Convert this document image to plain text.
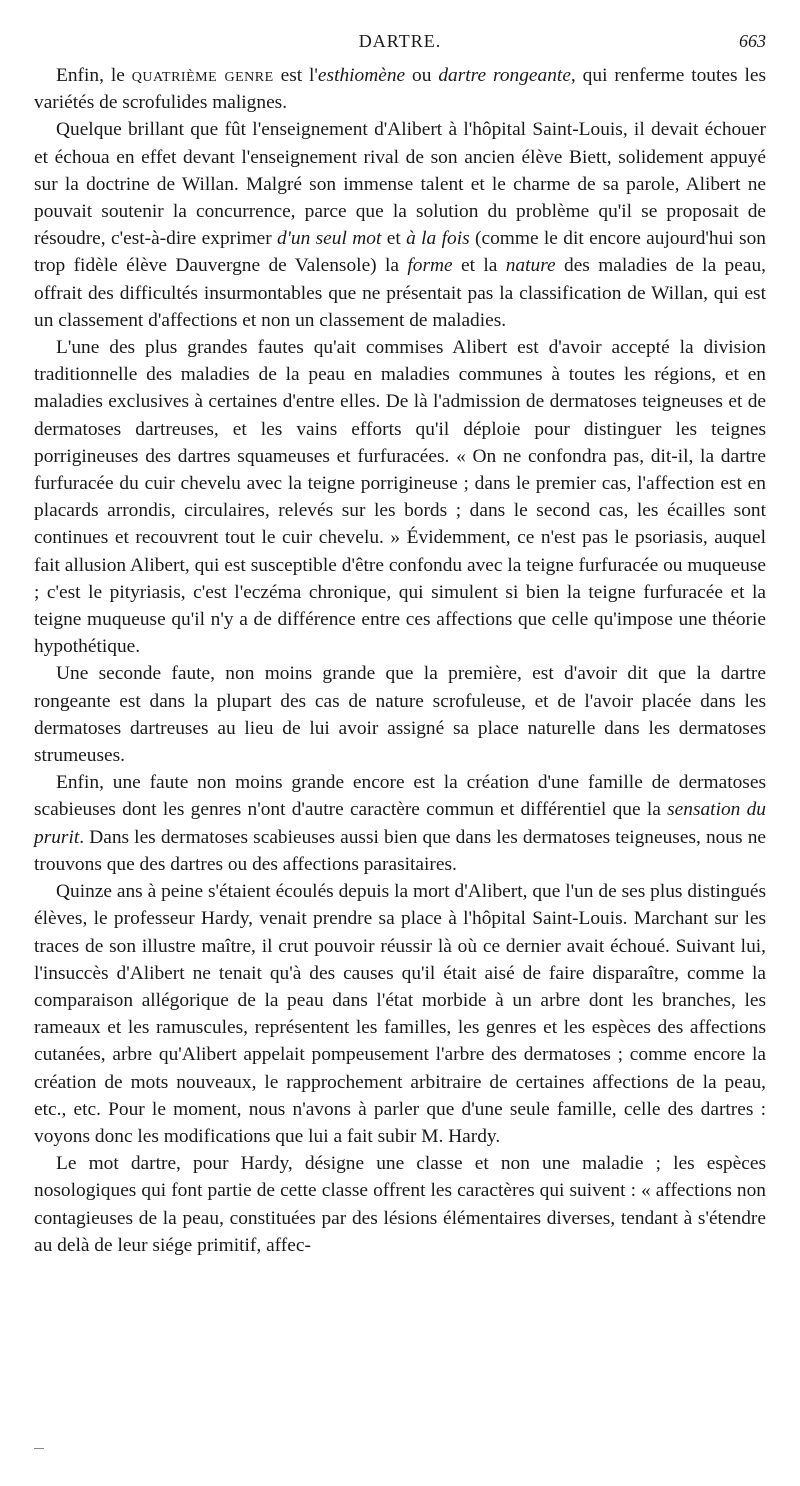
DARTRE.	663

Enfin, le quatrième genre est l'esthiomène ou dartre rongeante, qui renferme toutes les variétés de scrofulides malignes.

Quelque brillant que fût l'enseignement d'Alibert à l'hôpital Saint-Louis, il devait échouer et échoua en effet devant l'enseignement rival de son ancien élève Biett, solidement appuyé sur la doctrine de Willan. Malgré son immense talent et le charme de sa parole, Alibert ne pouvait soutenir la concurrence, parce que la solution du problème qu'il se proposait de résoudre, c'est-à-dire exprimer d'un seul mot et à la fois (comme le dit encore aujourd'hui son trop fidèle élève Dauvergne de Valensole) la forme et la nature des maladies de la peau, offrait des difficultés insurmontables que ne présentait pas la classification de Willan, qui est un classement d'affections et non un classement de maladies.

L'une des plus grandes fautes qu'ait commises Alibert est d'avoir accepté la division traditionnelle des maladies de la peau en maladies communes à toutes les régions, et en maladies exclusives à certaines d'entre elles. De là l'admission de dermatoses teigneuses et de dermatoses dartreuses, et les vains efforts qu'il déploie pour distinguer les teignes porrigineuses des dartres squameuses et furfuracées. « On ne confondra pas, dit-il, la dartre furfuracée du cuir chevelu avec la teigne porrigineuse ; dans le premier cas, l'affection est en placards arrondis, circulaires, relevés sur les bords ; dans le second cas, les écailles sont continues et recouvrent tout le cuir chevelu. » Évidemment, ce n'est pas le psoriasis, auquel fait allusion Alibert, qui est susceptible d'être confondu avec la teigne furfuracée ou muqueuse ; c'est le pityriasis, c'est l'eczéma chronique, qui simulent si bien la teigne furfuracée et la teigne muqueuse qu'il n'y a de différence entre ces affections que celle qu'impose une théorie hypothétique.

Une seconde faute, non moins grande que la première, est d'avoir dit que la dartre rongeante est dans la plupart des cas de nature scrofuleuse, et de l'avoir placée dans les dermatoses dartreuses au lieu de lui avoir assigné sa place naturelle dans les dermatoses strumeuses.

Enfin, une faute non moins grande encore est la création d'une famille de dermatoses scabieuses dont les genres n'ont d'autre caractère commun et différentiel que la sensation du prurit. Dans les dermatoses scabieuses aussi bien que dans les dermatoses teigneuses, nous ne trouvons que des dartres ou des affections parasitaires.

Quinze ans à peine s'étaient écoulés depuis la mort d'Alibert, que l'un de ses plus distingués élèves, le professeur Hardy, venait prendre sa place à l'hôpital Saint-Louis. Marchant sur les traces de son illustre maître, il crut pouvoir réussir là où ce dernier avait échoué. Suivant lui, l'insuccès d'Alibert ne tenait qu'à des causes qu'il était aisé de faire disparaître, comme la comparaison allégorique de la peau dans l'état morbide à un arbre dont les branches, les rameaux et les ramuscules, représentent les familles, les genres et les espèces des affections cutanées, arbre qu'Alibert appelait pompeusement l'arbre des dermatoses ; comme encore la création de mots nouveaux, le rapprochement arbitraire de certaines affections de la peau, etc., etc. Pour le moment, nous n'avons à parler que d'une seule famille, celle des dartres : voyons donc les modifications que lui a fait subir M. Hardy.

Le mot dartre, pour Hardy, désigne une classe et non une maladie ; les espèces nosologiques qui font partie de cette classe offrent les caractères qui suivent : « affections non contagieuses de la peau, constituées par des lésions élémentaires diverses, tendant à s'étendre au delà de leur siége primitif, affec-
